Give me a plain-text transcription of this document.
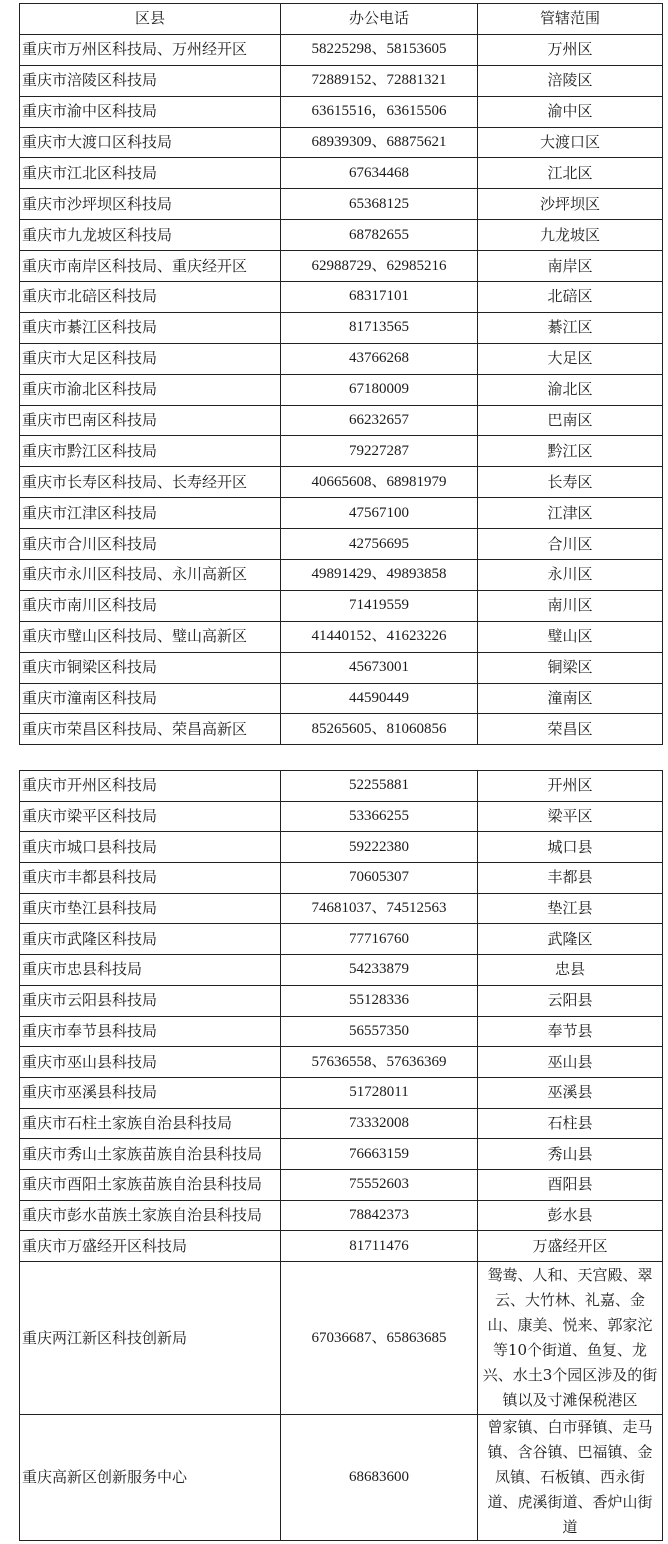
区县	办公电话	管辖范围
重庆市万州区科技局、万州经开区	58225298、58153605	万州区
重庆市涪陵区科技局	72889152、72881321	涪陵区
重庆市渝中区科技局	63615516，63615506	渝中区
重庆市大渡口区科技局	68939309、68875621	大渡口区
重庆市江北区科技局	67634468	江北区
重庆市沙坪坝区科技局	65368125	沙坪坝区
重庆市九龙坡区科技局	68782655	九龙坡区
重庆市南岸区科技局、重庆经开区	62988729、62985216	南岸区
重庆市北碚区科技局	68317101	北碚区
重庆市綦江区科技局	81713565	綦江区
重庆市大足区科技局	43766268	大足区
重庆市渝北区科技局	67180009	渝北区
重庆市巴南区科技局	66232657	巴南区
重庆市黔江区科技局	79227287	黔江区
重庆市长寿区科技局、长寿经开区	40665608、68981979	长寿区
重庆市江津区科技局	47567100	江津区
重庆市合川区科技局	42756695	合川区
重庆市永川区科技局、永川高新区	49891429、49893858	永川区
重庆市南川区科技局	71419559	南川区
重庆市璧山区科技局、璧山高新区	41440152、41623226	璧山区
重庆市铜梁区科技局	45673001	铜梁区
重庆市潼南区科技局	44590449	潼南区
重庆市荣昌区科技局、荣昌高新区	85265605、81060856	荣昌区
重庆市开州区科技局	52255881	开州区
重庆市梁平区科技局	53366255	梁平区
重庆市城口县科技局	59222380	城口县
重庆市丰都县科技局	70605307	丰都县
重庆市垫江县科技局	74681037、74512563	垫江县
重庆市武隆区科技局	77716760	武隆区
重庆市忠县科技局	54233879	忠县
重庆市云阳县科技局	55128336	云阳县
重庆市奉节县科技局	56557350	奉节县
重庆市巫山县科技局	57636558、57636369	巫山县
重庆市巫溪县科技局	51728011	巫溪县
重庆市石柱土家族自治县科技局	73332008	石柱县
重庆市秀山土家族苗族自治县科技局	76663159	秀山县
重庆市酉阳土家族苗族自治县科技局	75552603	酉阳县
重庆市彭水苗族土家族自治县科技局	78842373	彭水县
重庆市万盛经开区科技局	81711476	万盛经开区
重庆两江新区科技创新局	67036687、65863685	鸳鸯、人和、天宫殿、翠云、大竹林、礼嘉、金山、康美、悦来、郭家沱等10个街道、鱼复、龙兴、水土3个园区涉及的街镇以及寸滩保税港区
重庆高新区创新服务中心	68683600	曾家镇、白市驿镇、走马镇、含谷镇、巴福镇、金凤镇、石板镇、西永街道、虎溪街道、香炉山街道
